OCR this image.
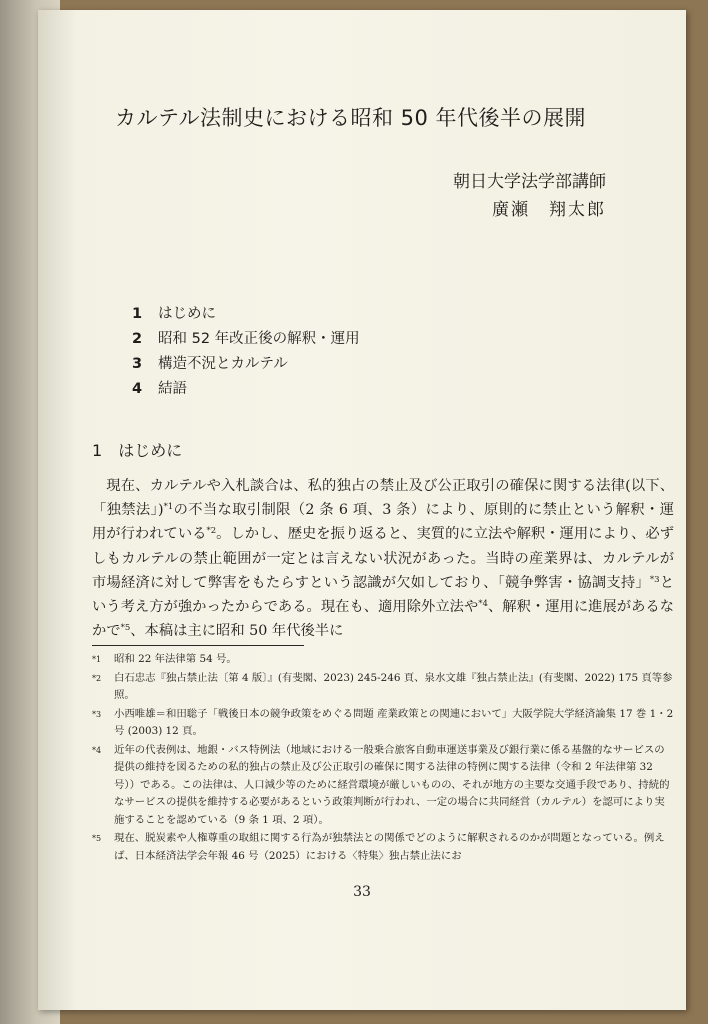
カルテル法制史における昭和 50 年代後半の展開
朝日大学法学部講師
廣瀬　翔太郎
1 はじめに
2 昭和 52 年改正後の解釈・運用
3 構造不況とカルテル
4 結語
1 はじめに

現在、カルテルや入札談合は、私的独占の禁止及び公正取引の確保に関する法律(以下、「独禁法」)$^{*1}$の不当な取引制限（2 条 6 項、3 条）により、原則的に禁止という解釈・運用が行われている$^{*2}$。しかし、歴史を振り返ると、実質的に立法や解釈・運用により、必ずしもカルテルの禁止範囲が一定とは言えない状況があった。当時の産業界は、カルテルが市場経済に対して弊害をもたらすという認識が欠如しており、「競争弊害・協調支持」$^{*3}$という考え方が強かったからである。現在も、適用除外立法や$^{*4}$、解釈・運用に進展があるなかで$^{*5}$、本稿は主に昭和 50 年代後半に

*1 昭和 22 年法律第 54 号。
*2 白石忠志『独占禁止法〔第 4 版〕』(有斐閣、2023) 245-246 頁、泉水文雄『独占禁止法』(有斐閣、2022) 175 頁等参照。
*3 小西唯雄＝和田聡子「戦後日本の競争政策をめぐる問題 産業政策との関連において」大阪学院大学経済論集 17 巻 1・2 号 (2003) 12 頁。
*4 近年の代表例は、地銀・バス特例法（地域における一般乗合旅客自動車運送事業及び銀行業に係る基盤的なサービスの提供の維持を図るための私的独占の禁止及び公正取引の確保に関する法律の特例に関する法律（令和 2 年法律第 32 号））である。この法律は、人口減少等のために経営環境が厳しいものの、それが地方の主要な交通手段であり、持続的なサービスの提供を維持する必要があるという政策判断が行われ、一定の場合に共同経営（カルテル）を認可により実施することを認めている（9 条 1 項、2 項）。
*5 現在、脱炭素や人権尊重の取組に関する行為が独禁法との関係でどのように解釈されるのかが問題となっている。例えば、日本経済法学会年報 46 号（2025）における〈特集〉独占禁止法にお
33
